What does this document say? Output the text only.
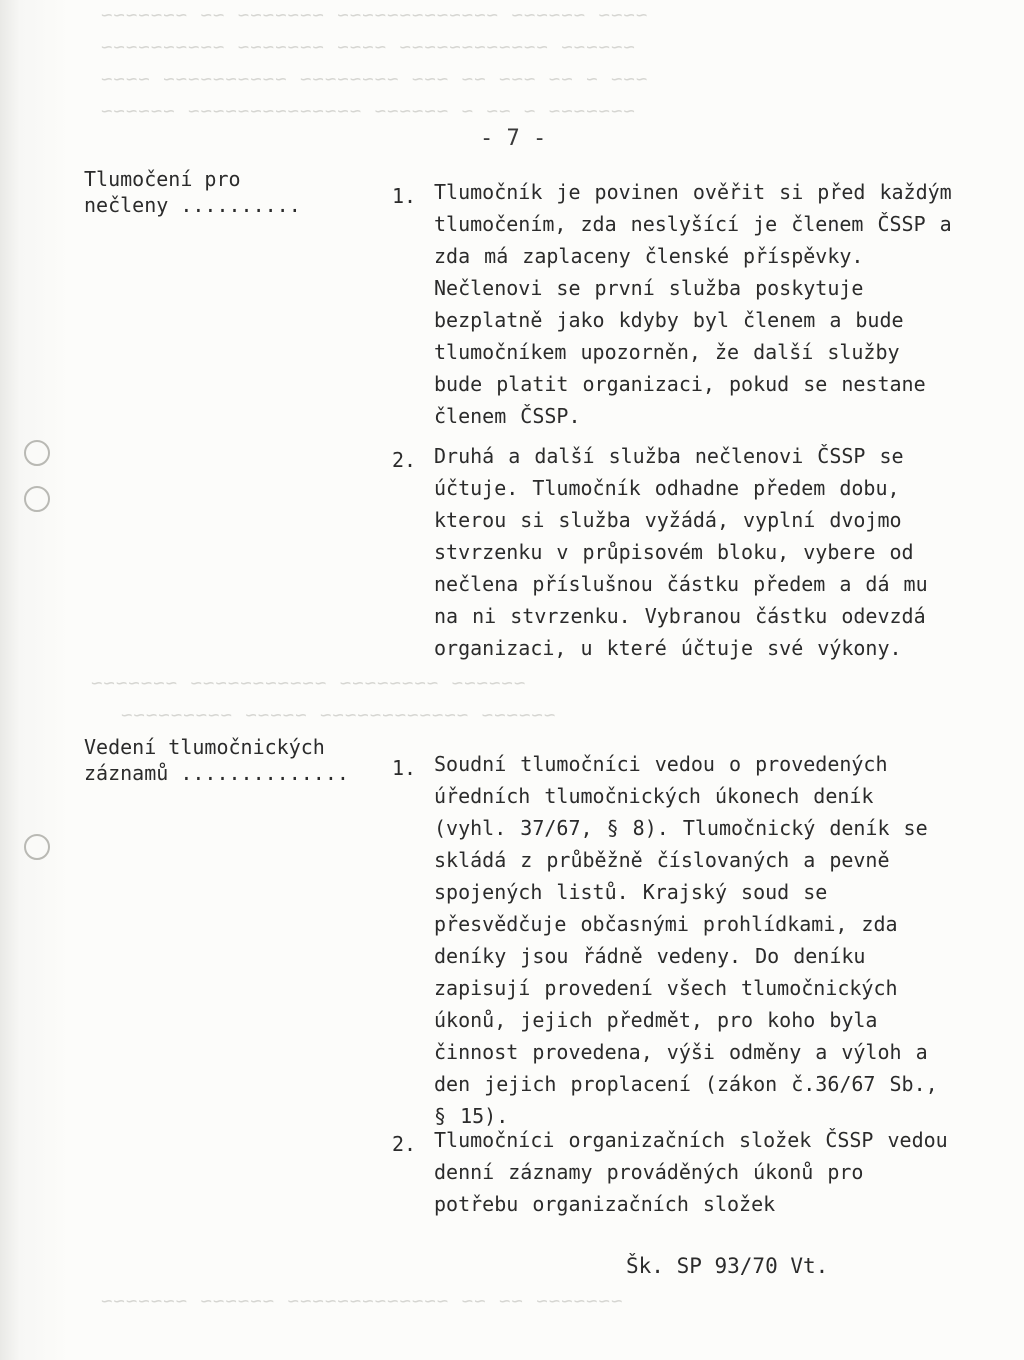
~~~~ ~~~~~~ ~~~~~~~~~~~~~ ~~~~~~~ ~~ ~~~~~~~
~~~~~~ ~~~~~~~~~~~~ ~~~~ ~~~~~~~ ~~~~~~~~~~
~~~ ~ ~~ ~~~ ~~ ~~~ ~~~~~~~~ ~~~~~~~~~~ ~~~~
~~~~~~~ ~ ~~ ~ ~~~~~~ ~~~~~~~~~~~~~~ ~~~~~~
~~~~~~ ~~~~~~~~ ~~~~~~~~~~~ ~~~~~~~
~~~~~~ ~~~~~~~~~~~~ ~~~~~ ~~~~~~~~~
~~~~~~~ ~~ ~~ ~~~~~~~~~~~~~ ~~~~~~ ~~~~~~~
- 7 -
Tlumočení pro
nečleny ..........	1. Tlumočník je povinen ověřit si před každým tlumočením, zda neslyšící je členem ČSSP a zda má zaplaceny členské příspěvky. Nečlenovi se první služba poskytuje bezplatně jako kdyby byl členem a bude tlumočníkem upozorněn, že další služby bude platit organizaci, pokud se nestane členem ČSSP.

2. Druhá a další služba nečlenovi ČSSP se účtuje. Tlumočník odhadne předem dobu, kterou si služba vyžádá, vyplní dvojmo stvrzenku v průpisovém bloku, vybere od nečlena příslušnou částku předem a dá mu na ni stvrzenku. Vybranou částku odevzdá organizaci, u které účtuje své výkony.

Vedení tlumočnických
záznamů .............. 1. Soudní tlumočníci vedou o provedených úředních tlumočnických úkonech deník (vyhl. 37/67, § 8). Tlumočnický deník se skládá z průběžně číslovaných a pevně spojených listů. Krajský soud se přesvědčuje občasnými prohlídkami, zda deníky jsou řádně vedeny. Do deníku zapisují provedení všech tlumočnických úkonů, jejich předmět, pro koho byla činnost provedena, výši odměny a výloh a den jejich proplacení (zákon č.36/67 Sb., § 15).

2. Tlumočníci organizačních složek ČSSP vedou denní záznamy prováděných úkonů pro potřebu organizačních složek

Šk. SP 93/70 Vt.
